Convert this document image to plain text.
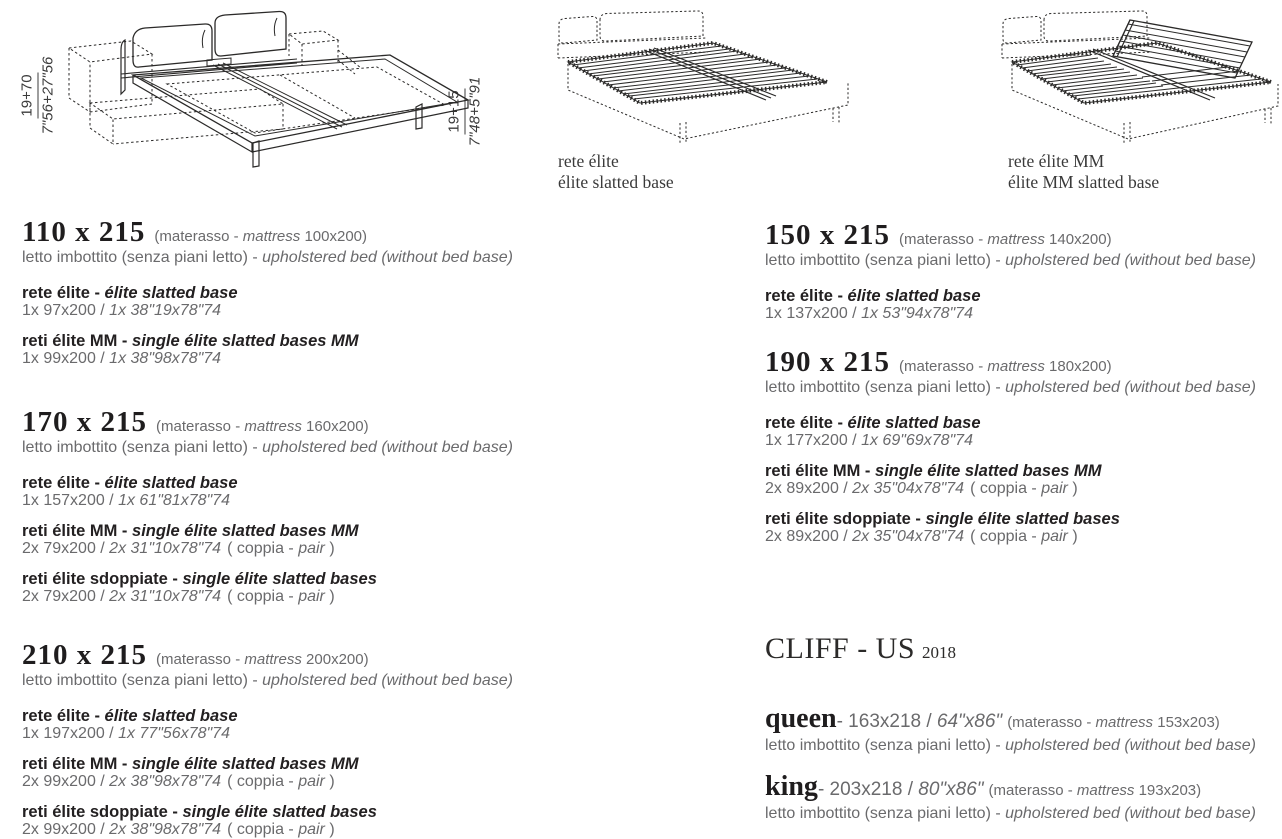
19+70 7"56+27"56	19+15 7"48+5"91
rete élite
élite slatted base
rete élite MM
élite MM slatted base
110 x 215 (materasso - mattress 100x200)
letto imbottito (senza piani letto) - upholstered bed (without bed base)
rete élite - élite slatted base
1x 97x200 / 1x 38"19x78"74
reti élite MM - single élite slatted bases MM
1x 99x200 / 1x 38"98x78"74
170 x 215 (materasso - mattress 160x200)
letto imbottito (senza piani letto) - upholstered bed (without bed base)
rete élite - élite slatted base
1x 157x200 / 1x 61"81x78"74
reti élite MM - single élite slatted bases MM
2x 79x200 / 2x 31"10x78"74 ( coppia - pair )
reti élite sdoppiate - single élite slatted bases
2x 79x200 / 2x 31"10x78"74 ( coppia - pair )
210 x 215 (materasso - mattress 200x200)
letto imbottito (senza piani letto) - upholstered bed (without bed base)
rete élite - élite slatted base
1x 197x200 / 1x 77"56x78"74
reti élite MM - single élite slatted bases MM
2x 99x200 / 2x 38"98x78"74 ( coppia - pair )
reti élite sdoppiate - single élite slatted bases
2x 99x200 / 2x 38"98x78"74 ( coppia - pair )
150 x 215 (materasso - mattress 140x200)
letto imbottito (senza piani letto) - upholstered bed (without bed base)
rete élite - élite slatted base
1x 137x200 / 1x 53"94x78"74
190 x 215 (materasso - mattress 180x200)
letto imbottito (senza piani letto) - upholstered bed (without bed base)
rete élite - élite slatted base
1x 177x200 / 1x 69"69x78"74
reti élite MM - single élite slatted bases MM
2x 89x200 / 2x 35"04x78"74 ( coppia - pair )
reti élite sdoppiate - single élite slatted bases
2x 89x200 / 2x 35"04x78"74 ( coppia - pair )
CLIFF - US 2018
queen - 163x218 / 64"x86" (materasso - mattress 153x203)
letto imbottito (senza piani letto) - upholstered bed (without bed base)
king - 203x218 / 80"x86" (materasso - mattress 193x203)
letto imbottito (senza piani letto) - upholstered bed (without bed base)
